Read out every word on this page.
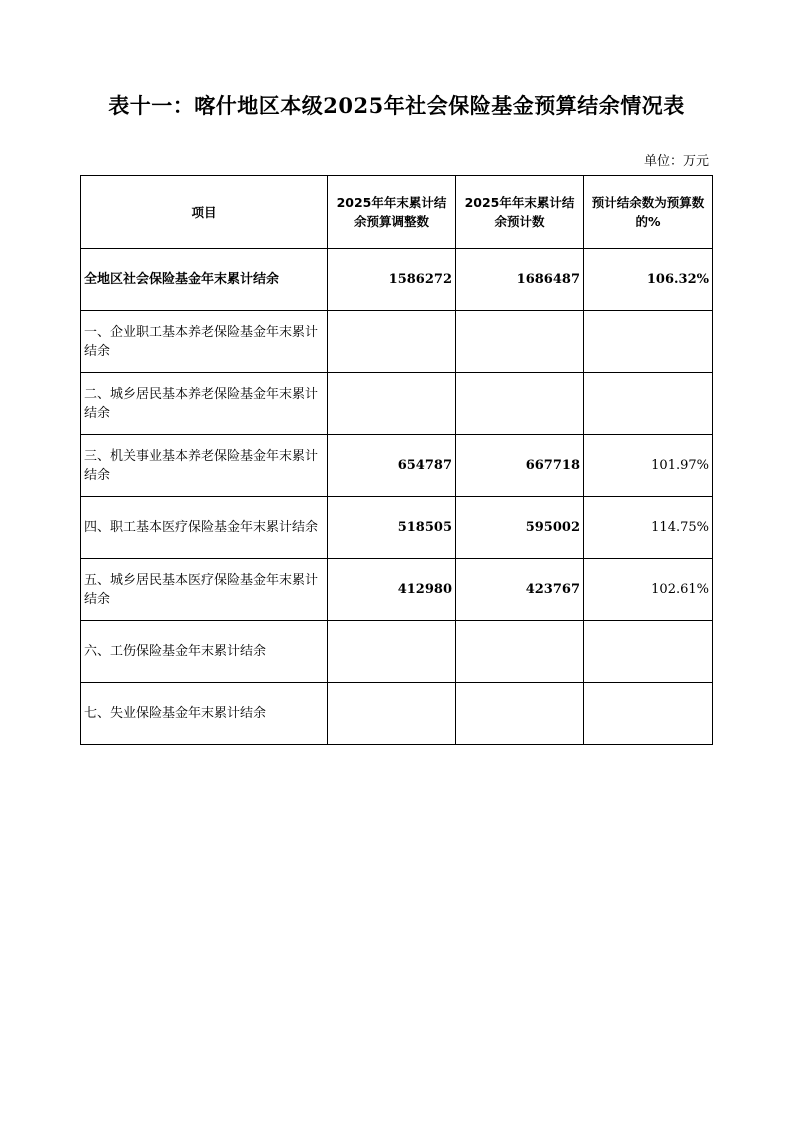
表十一：喀什地区本级2025年社会保险基金预算结余情况表
单位：万元
项目	2025年年末累计结余预算调整数	2025年年末累计结余预计数	预计结余数为预算数的%
全地区社会保险基金年末累计结余	1586272	1686487	106.32%
一、企业职工基本养老保险基金年末累计结余			
二、城乡居民基本养老保险基金年末累计结余			
三、机关事业基本养老保险基金年末累计结余	654787	667718	101.97%
四、职工基本医疗保险基金年末累计结余	518505	595002	114.75%
五、城乡居民基本医疗保险基金年末累计结余	412980	423767	102.61%
六、工伤保险基金年末累计结余			
七、失业保险基金年末累计结余			
